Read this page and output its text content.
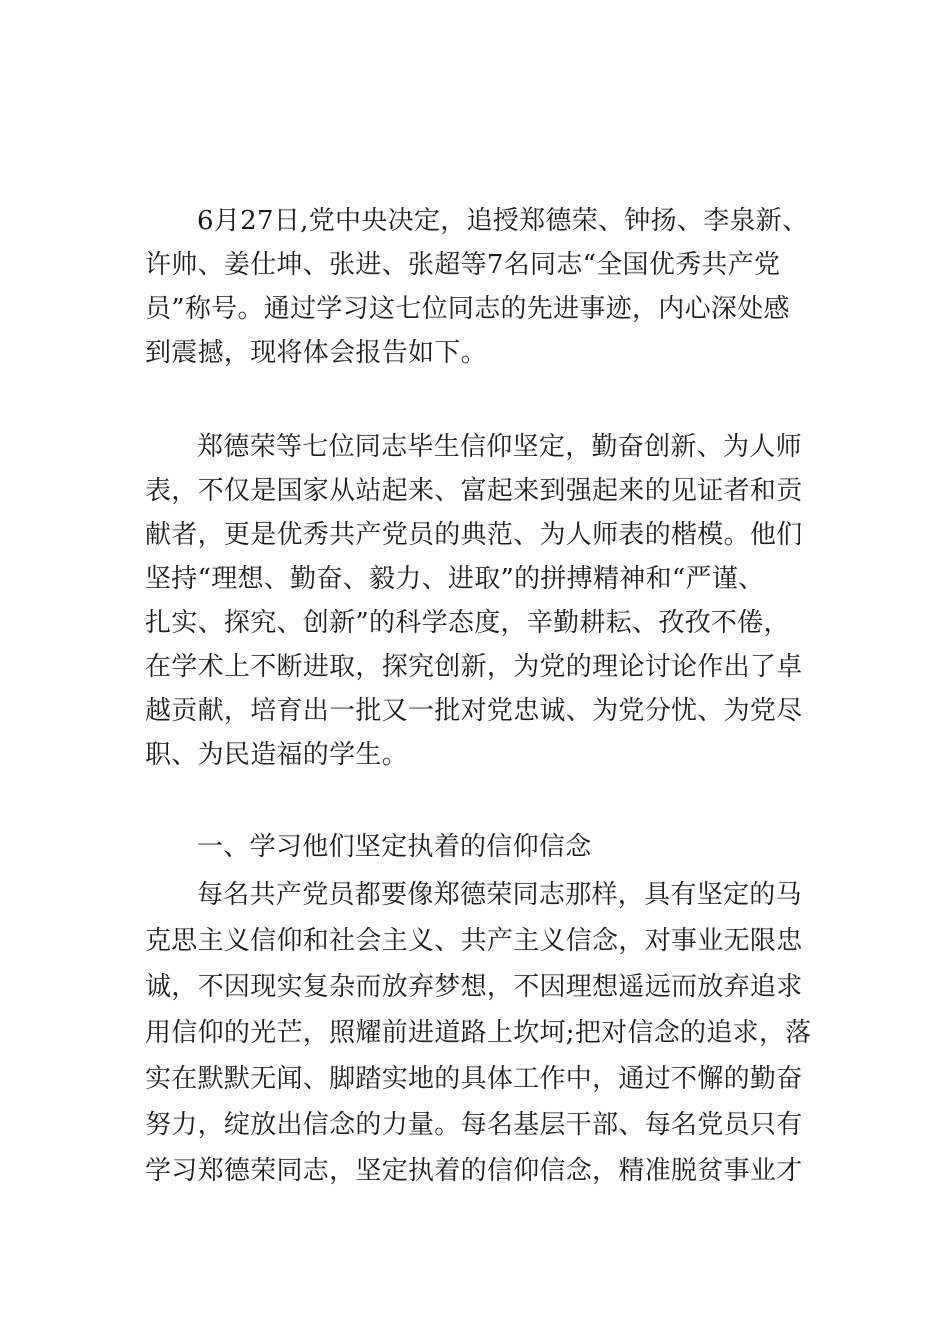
6月27日,党中央决定，追授郑德荣、钟扬、李泉新、
许帅、姜仕坤、张进、张超等7名同志“全国优秀共产党
员”称号。通过学习这七位同志的先进事迹，内心深处感
到震撼，现将体会报告如下。
郑德荣等七位同志毕生信仰坚定，勤奋创新、为人师
表，不仅是国家从站起来、富起来到强起来的见证者和贡
献者，更是优秀共产党员的典范、为人师表的楷模。他们
坚持“理想、勤奋、毅力、进取”的拼搏精神和“严谨、
扎实、探究、创新”的科学态度，辛勤耕耘、孜孜不倦，
在学术上不断进取，探究创新，为党的理论讨论作出了卓
越贡献，培育出一批又一批对党忠诚、为党分忧、为党尽
职、为民造福的学生。
一、学习他们坚定执着的信仰信念
每名共产党员都要像郑德荣同志那样，具有坚定的马
克思主义信仰和社会主义、共产主义信念，对事业无限忠
诚，不因现实复杂而放弃梦想，不因理想遥远而放弃追求
用信仰的光芒，照耀前进道路上坎坷;把对信念的追求，落
实在默默无闻、脚踏实地的具体工作中，通过不懈的勤奋
努力，绽放出信念的力量。每名基层干部、每名党员只有
学习郑德荣同志，坚定执着的信仰信念，精准脱贫事业才
